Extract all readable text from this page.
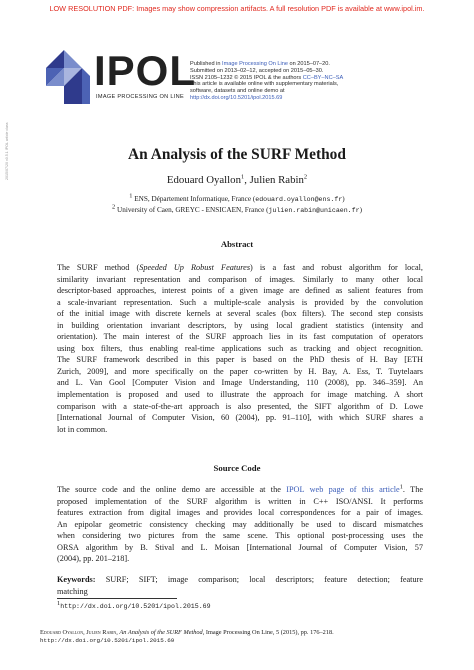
LOW RESOLUTION PDF: Images may show compression artifacts. A full resolution PDF is available at www.ipol.im.
2015/07/20 v0.5.1 IPOL article class
IPOL
IMAGE PROCESSING ON LINE
Published in Image Processing On Line on 2015–07–20.
Submitted on 2013–02–12, accepted on 2015–05–30.
ISSN 2105–1232 © 2015 IPOL & the authors CC–BY–NC–SA
This article is available online with supplementary materials,
software, datasets and online demo at
http://dx.doi.org/10.5201/ipol.2015.69
An Analysis of the SURF Method
Edouard Oyallon$^1$, Julien Rabin$^2$
1 ENS, Département Informatique, France (edouard.oyallon@ens.fr)
2 University of Caen, GREYC - ENSICAEN, France (julien.rabin@unicaen.fr)
Abstract
The SURF method (Speeded Up Robust Features) is a fast and robust algorithm for local,
similarity invariant representation and comparison of images. Similarly to many other local
descriptor-based approaches, interest points of a given image are defined as salient features from
a scale-invariant representation. Such a multiple-scale analysis is provided by the convolution
of the initial image with discrete kernels at several scales (box filters). The second step consists
in building orientation invariant descriptors, by using local gradient statistics (intensity and
orientation). The main interest of the SURF approach lies in its fast computation of operators
using box filters, thus enabling real-time applications such as tracking and object recognition.
The SURF framework described in this paper is based on the PhD thesis of H. Bay [ETH
Zurich, 2009], and more specifically on the paper co-written by H. Bay, A. Ess, T. Tuytelaars
and L. Van Gool [Computer Vision and Image Understanding, 110 (2008), pp. 346–359]. An
implementation is proposed and used to illustrate the approach for image matching. A short
comparison with a state-of-the-art approach is also presented, the SIFT algorithm of D. Lowe
[International Journal of Computer Vision, 60 (2004), pp. 91–110], with which SURF shares a
lot in common.
Source Code
The source code and the online demo are accessible at the IPOL web page of this article$^1$. The
proposed implementation of the SURF algorithm is written in C++ ISO/ANSI. It performs
features extraction from digital images and provides local correspondences for a pair of images.
An epipolar geometric consistency checking may additionally be used to discard mismatches
when considering two pictures from the same scene. This optional post-processing uses the
ORSA algorithm by B. Stival and L. Moisan [International Journal of Computer Vision, 57
(2004), pp. 201–218].
Keywords: SURF; SIFT; image comparison; local descriptors; feature detection; feature
matching
1http://dx.doi.org/10.5201/ipol.2015.69
Edouard Oyallon, Julien Rabin, An Analysis of the SURF Method, Image Processing On Line, 5 (2015), pp. 176–218.
http://dx.doi.org/10.5201/ipol.2015.69
